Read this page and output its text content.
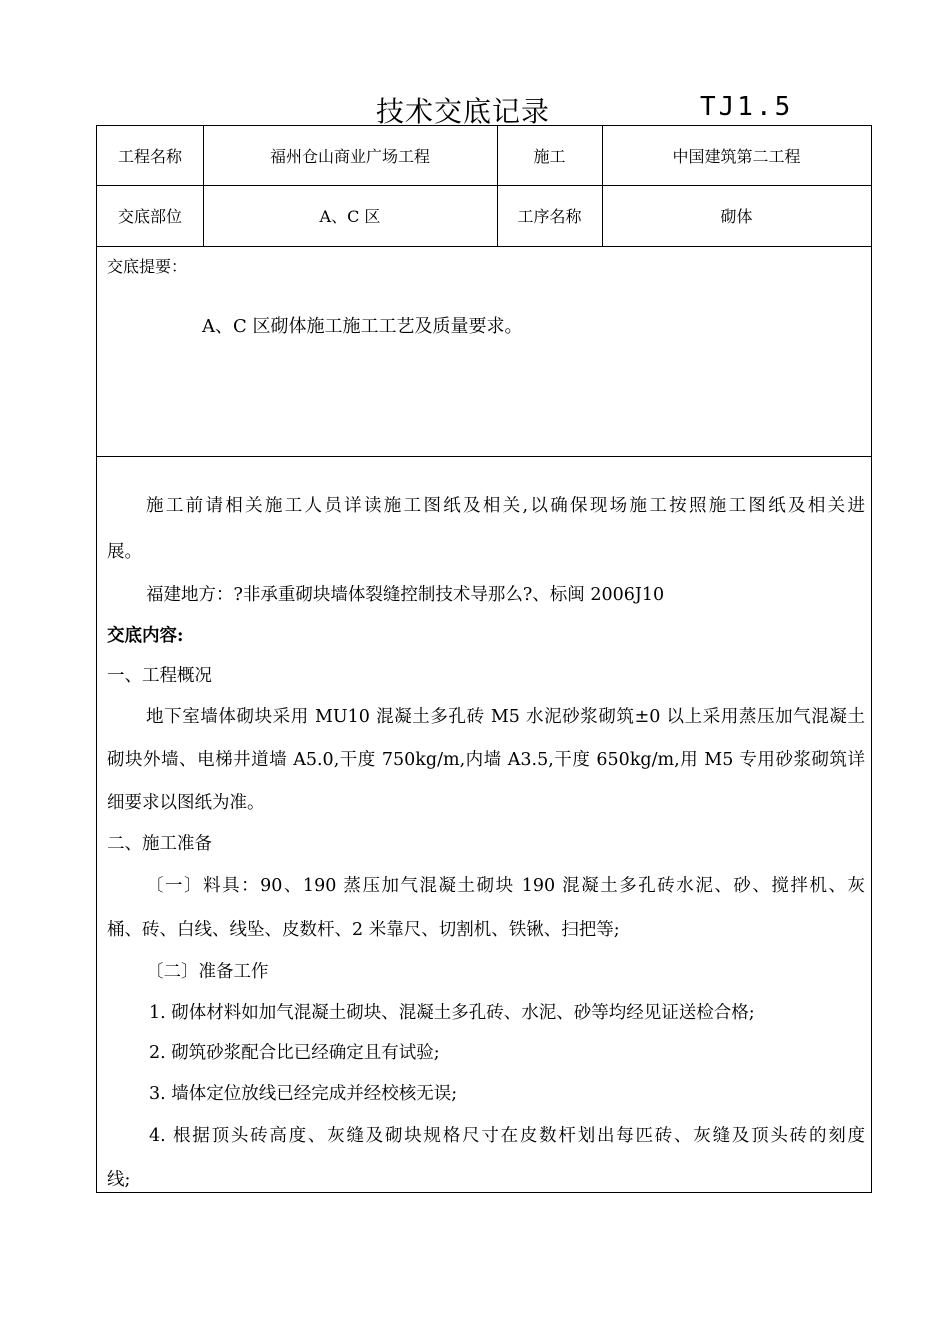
技术交底记录	TJ1.5
工程名称	福州仓山商业广场工程	施工	中国建筑第二工程
交底部位	A、C 区	工序名称	砌体
交底提要：
A、C 区砌体施工施工工艺及质量要求。
施工前请相关施工人员详读施工图纸及相关,以确保现场施工按照施工图纸及相关进
展。
福建地方：?非承重砌块墙体裂缝控制技术导那么?、标闽 2006J10
交底内容:
一、工程概况
地下室墙体砌块采用 MU10 混凝土多孔砖 M5 水泥砂浆砌筑±0 以上采用蒸压加气混凝土
砌块外墙、电梯井道墙 A5.0,干度 750kg/m,内墙 A3.5,干度 650kg/m,用 M5 专用砂浆砌筑详
细要求以图纸为准。
二、施工准备
〔一〕料具：90、190 蒸压加气混凝土砌块 190 混凝土多孔砖水泥、砂、搅拌机、灰
桶、砖、白线、线坠、皮数杆、2 米靠尺、切割机、铁锹、扫把等;
〔二〕准备工作
1. 砌体材料如加气混凝土砌块、混凝土多孔砖、水泥、砂等均经见证送检合格;
2. 砌筑砂浆配合比已经确定且有试验;
3. 墙体定位放线已经完成并经校核无误;
4. 根据顶头砖高度、灰缝及砌块规格尺寸在皮数杆划出每匹砖、灰缝及顶头砖的刻度
线;
